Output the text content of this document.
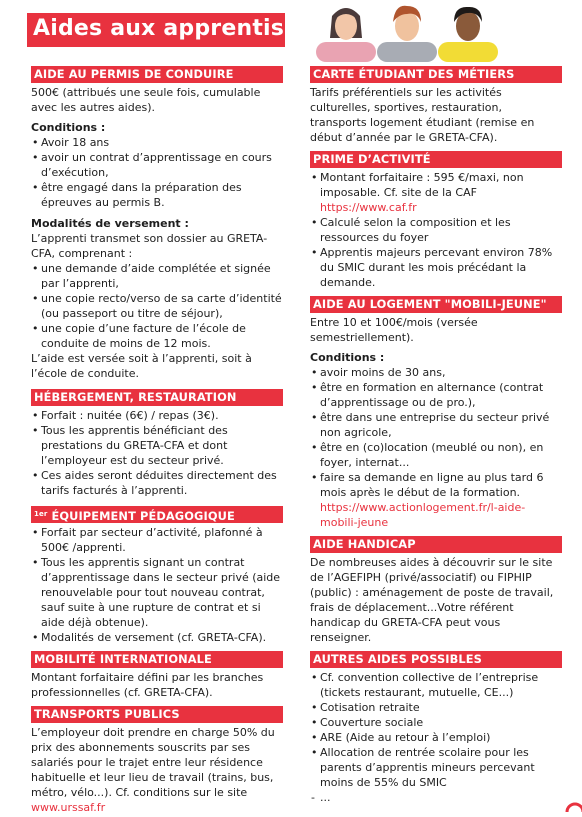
Aides aux apprentis
AIDE AU PERMIS DE CONDUIRE
500€ (attribués une seule fois, cumulable avec les autres aides).
Conditions :
• Avoir 18 ans
• avoir un contrat d’apprentissage en cours d’exécution,
• être engagé dans la préparation des épreuves au permis B.
Modalités de versement :
L’apprenti transmet son dossier au GRETA-CFA, comprenant :
• une demande d’aide complétée et signée par l’apprenti,
• une copie recto/verso de sa carte d’identité (ou passeport ou titre de séjour),
• une copie d’une facture de l’école de conduite de moins de 12 mois.
L’aide est versée soit à l’apprenti, soit à l’école de conduite.
HÉBERGEMENT, RESTAURATION
• Forfait : nuitée (6€) / repas (3€).
• Tous les apprentis bénéficiant des prestations du GRETA-CFA et dont l’employeur est du secteur privé.
• Ces aides seront déduites directement des tarifs facturés à l’apprenti.
$^{1er}$ ÉQUIPEMENT PÉDAGOGIQUE
• Forfait par secteur d’activité, plafonné à 500€ /apprenti.
• Tous les apprentis signant un contrat d’apprentissage dans le secteur privé (aide renouvelable pour tout nouveau contrat, sauf suite à une rupture de contrat et si aide déjà obtenue).
• Modalités de versement (cf. GRETA-CFA).
MOBILITÉ INTERNATIONALE
Montant forfaitaire défini par les branches professionnelles (cf. GRETA-CFA).
TRANSPORTS PUBLICS
L’employeur doit prendre en charge 50% du prix des abonnements souscrits par ses salariés pour le trajet entre leur résidence habituelle et leur lieu de travail (trains, bus, métro, vélo...). Cf. conditions sur le site www.urssaf.fr
CARTE ÉTUDIANT DES MÉTIERS
Tarifs préférentiels sur les activités culturelles, sportives, restauration, transports logement étudiant (remise en début d’année par le GRETA-CFA).
PRIME D’ACTIVITÉ
• Montant forfaitaire : 595 €/maxi, non imposable. Cf. site de la CAF https://www.caf.fr
• Calculé selon la composition et les ressources du foyer
• Apprentis majeurs percevant environ 78% du SMIC durant les mois précédant la demande.
AIDE AU LOGEMENT "MOBILI-JEUNE"
Entre 10 et 100€/mois (versée semestriellement).
Conditions :
• avoir moins de 30 ans,
• être en formation en alternance (contrat d’apprentissage ou de pro.),
• être dans une entreprise du secteur privé non agricole,
• être en (co)location (meublé ou non), en foyer, internat...
• faire sa demande en ligne au plus tard 6 mois après le début de la formation.
https://www.actionlogement.fr/l-aide-mobili-jeune
AIDE HANDICAP
De nombreuses aides à découvrir sur le site de l’AGEFIPH (privé/associatif) ou FIPHIP (public) : aménagement de poste de travail, frais de déplacement...Votre référent handicap du GRETA-CFA peut vous renseigner.
AUTRES AIDES POSSIBLES
• Cf. convention collective de l’entreprise (tickets restaurant, mutuelle, CE...)
• Cotisation retraite
• Couverture sociale
• ARE (Aide au retour à l’emploi)
• Allocation de rentrée scolaire pour les parents d’apprentis mineurs percevant moins de 55% du SMIC
- ...
